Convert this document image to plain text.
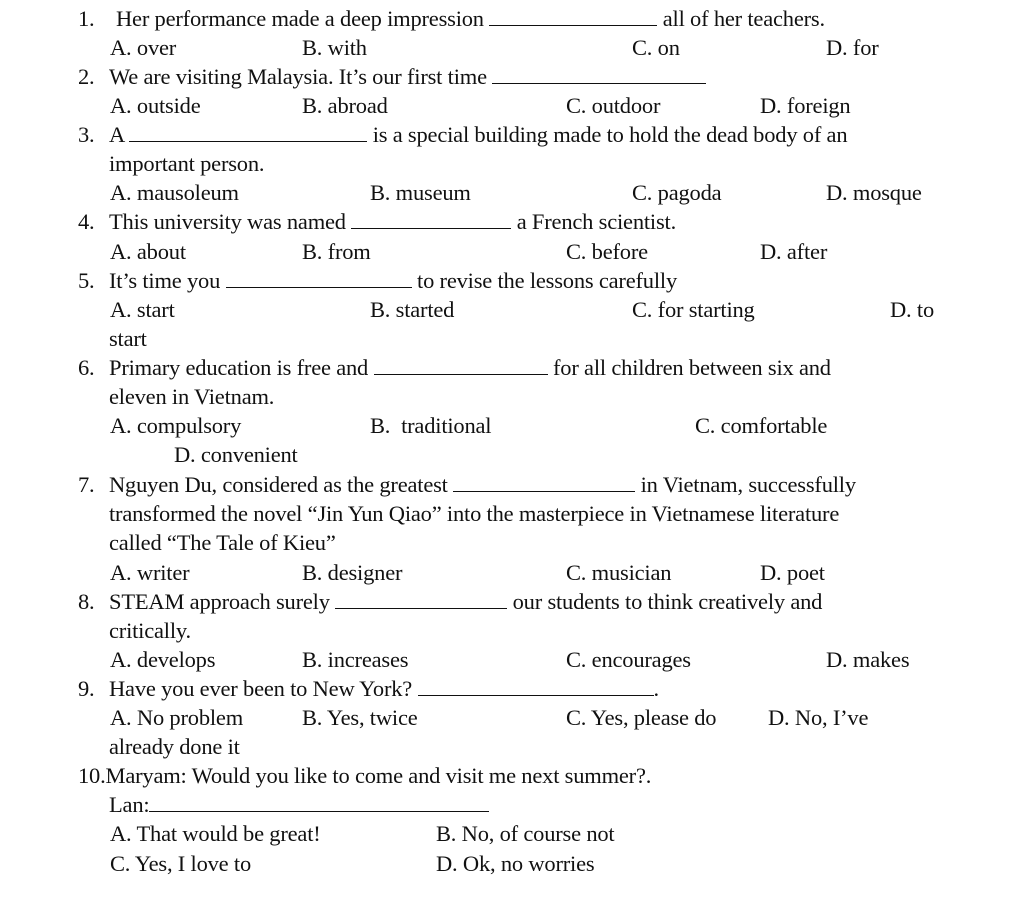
1. Her performance made a deep impression	all of her teachers.
A. over	B. with	C. on	D. for
2. We are visiting Malaysia. It’s our first time
A. outside	B. abroad	C. outdoor	D. foreign
3. A	is a special building made to hold the dead body of an
important person.
A. mausoleum	B. museum	C. pagoda	D. mosque
4. This university was named	a French scientist.
A. about	B. from	C. before	D. after
5. It’s time you	to revise the lessons carefully
A. start	B. started	C. for starting	D. to
start
6. Primary education is free and	for all children between six and
eleven in Vietnam.
A. compulsory	B.  traditional	C. comfortable
D. convenient
7. Nguyen Du, considered as the greatest	in Vietnam, successfully
transformed the novel “Jin Yun Qiao” into the masterpiece in Vietnamese literature
called “The Tale of Kieu”
A. writer	B. designer	C. musician	D. poet
8. STEAM approach surely	our students to think creatively and
critically.
A. develops	B. increases	C. encourages	D. makes
9. Have you ever been to New York?	.
A. No problem	B. Yes, twice	C. Yes, please do D. No, I’ve
already done it
10.Maryam: Would you like to come and visit me next summer?.
Lan:
A. That would be great!	B. No, of course not
C. Yes, I love to	D. Ok, no worries
